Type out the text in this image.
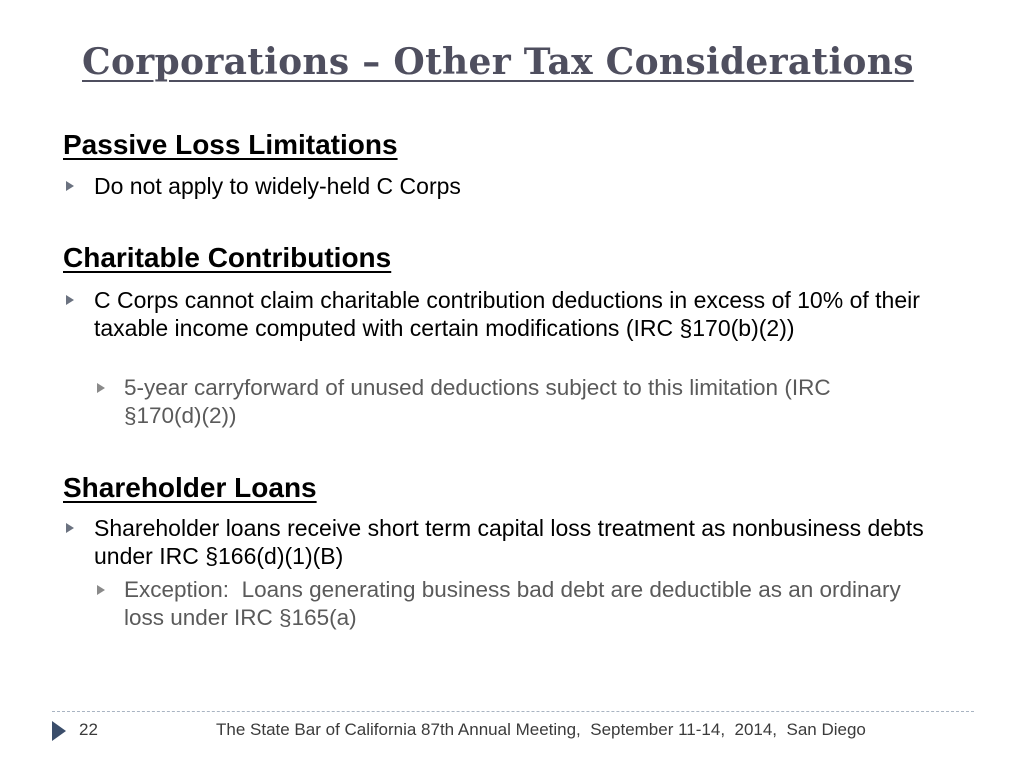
Corporations – Other Tax Considerations
Passive Loss Limitations
Do not apply to widely-held C Corps
Charitable Contributions
C Corps cannot claim charitable contribution deductions in excess of 10% of their taxable income computed with certain modifications (IRC §170(b)(2))
5-year carryforward of unused deductions subject to this limitation (IRC §170(d)(2))
Shareholder Loans
Shareholder loans receive short term capital loss treatment as nonbusiness debts under IRC §166(d)(1)(B)
Exception:  Loans generating business bad debt are deductible as an ordinary loss under IRC §165(a)
22	The State Bar of California 87th Annual Meeting,  September 11-14,  2014,  San Diego
